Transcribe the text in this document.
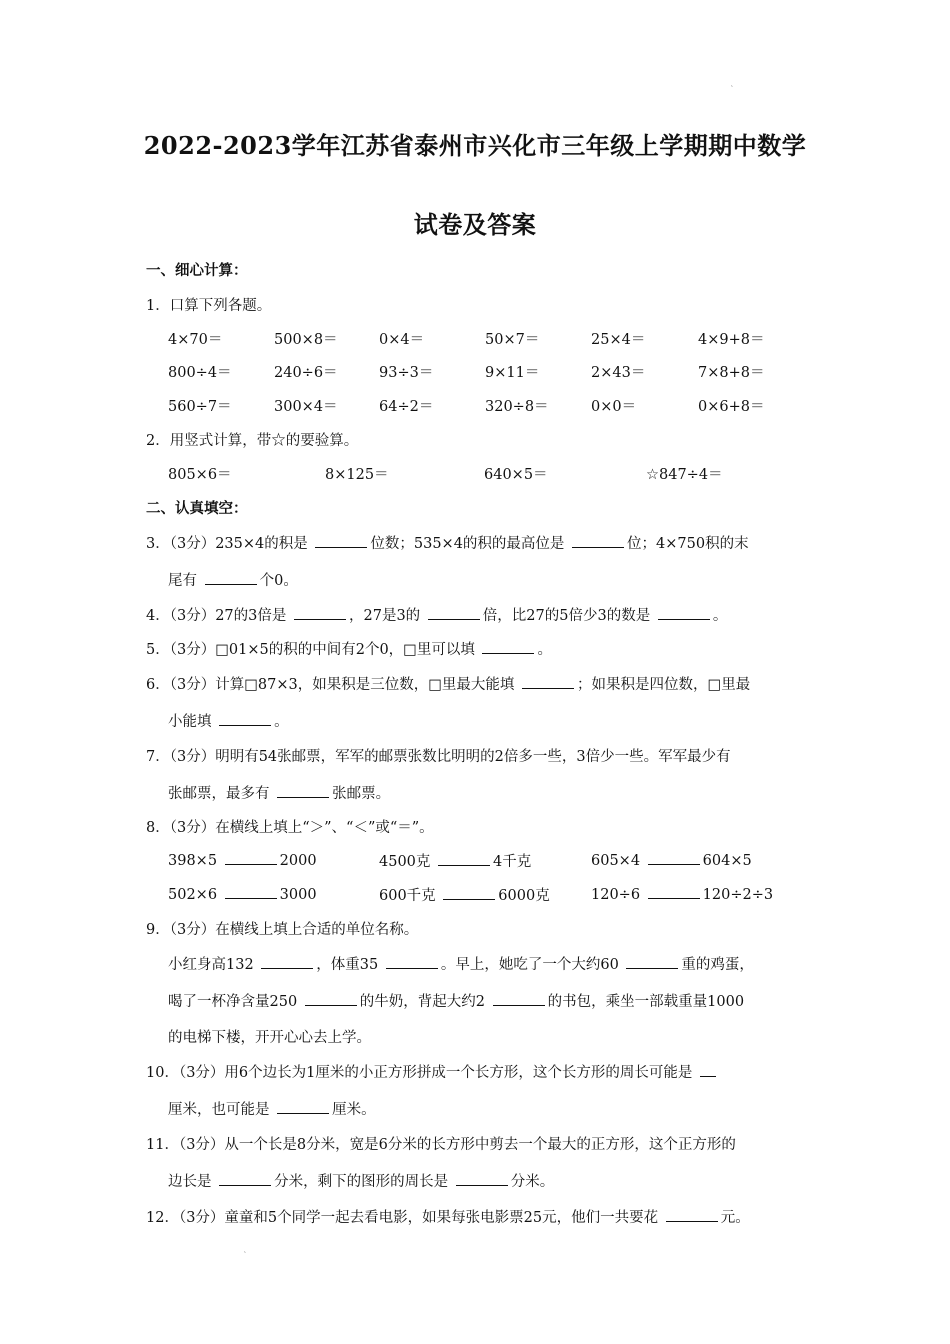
˛
2022-2023学年江苏省泰州市兴化市三年级上学期期中数学
试卷及答案
一、细心计算：
1．口算下列各题。
4×70＝	500×8＝	0×4＝	50×7＝	25×4＝	4×9+8＝
800÷4＝	240÷6＝	93÷3＝	9×11＝	2×43＝	7×8+8＝
560÷7＝	300×4＝	64÷2＝	320÷8＝	0×0＝	0×6+8＝
2．用竖式计算，带☆的要验算。
805×6＝	8×125＝	640×5＝	☆847÷4＝
二、认真填空：
3．（3分）235×4的积是	位数；535×4的积的最高位是	位；4×750积的末
尾有	个0。
4．（3分）27的3倍是	，27是3的	倍，比27的5倍少3的数是	。
5．（3分）□01×5的积的中间有2个0，□里可以填	。
6．（3分）计算□87×3，如果积是三位数，□里最大能填	；如果积是四位数，□里最
小能填	。
7．（3分）明明有54张邮票，军军的邮票张数比明明的2倍多一些，3倍少一些。军军最少有
张邮票，最多有	张邮票。
8．（3分）在横线上填上“＞”、“＜”或“＝”。
398×5	2000	4500克	4千克	605×4	604×5
502×6	3000	600千克	6000克	120÷6	120÷2÷3
9．（3分）在横线上填上合适的单位名称。
小红身高132	，体重35	。早上，她吃了一个大约60	重的鸡蛋，
喝了一杯净含量250	的牛奶，背起大约2	的书包，乘坐一部载重量1000
的电梯下楼，开开心心去上学。
10．（3分）用6个边长为1厘米的小正方形拼成一个长方形，这个长方形的周长可能是
厘米，也可能是	厘米。
11．（3分）从一个长是8分米，宽是6分米的长方形中剪去一个最大的正方形，这个正方形的
边长是	分米，剩下的图形的周长是	分米。
12．（3分）童童和5个同学一起去看电影，如果每张电影票25元，他们一共要花	元。
˛
